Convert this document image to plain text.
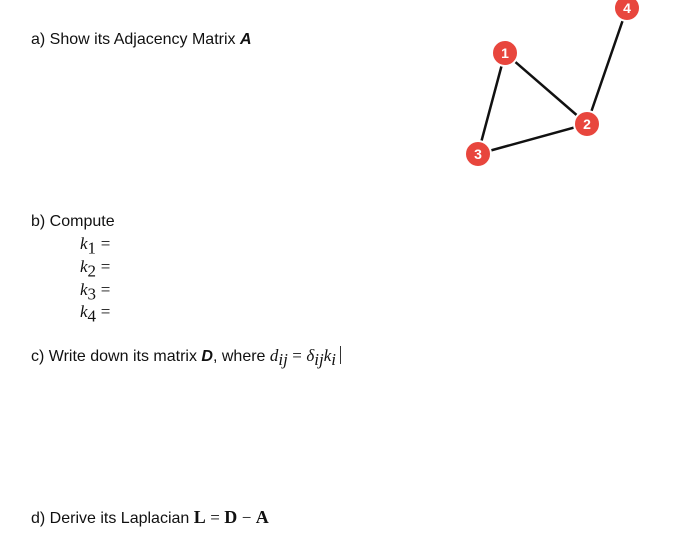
a) Show its Adjacency Matrix A
b) Compute
$k_1$ =
$k_2$ =
$k_3$ =
$k_4$ =
c) Write down its matrix D, where $d_{ij} = \delta_{ij}k_i$
d) Derive its Laplacian L = D − A
1
2
3
4
